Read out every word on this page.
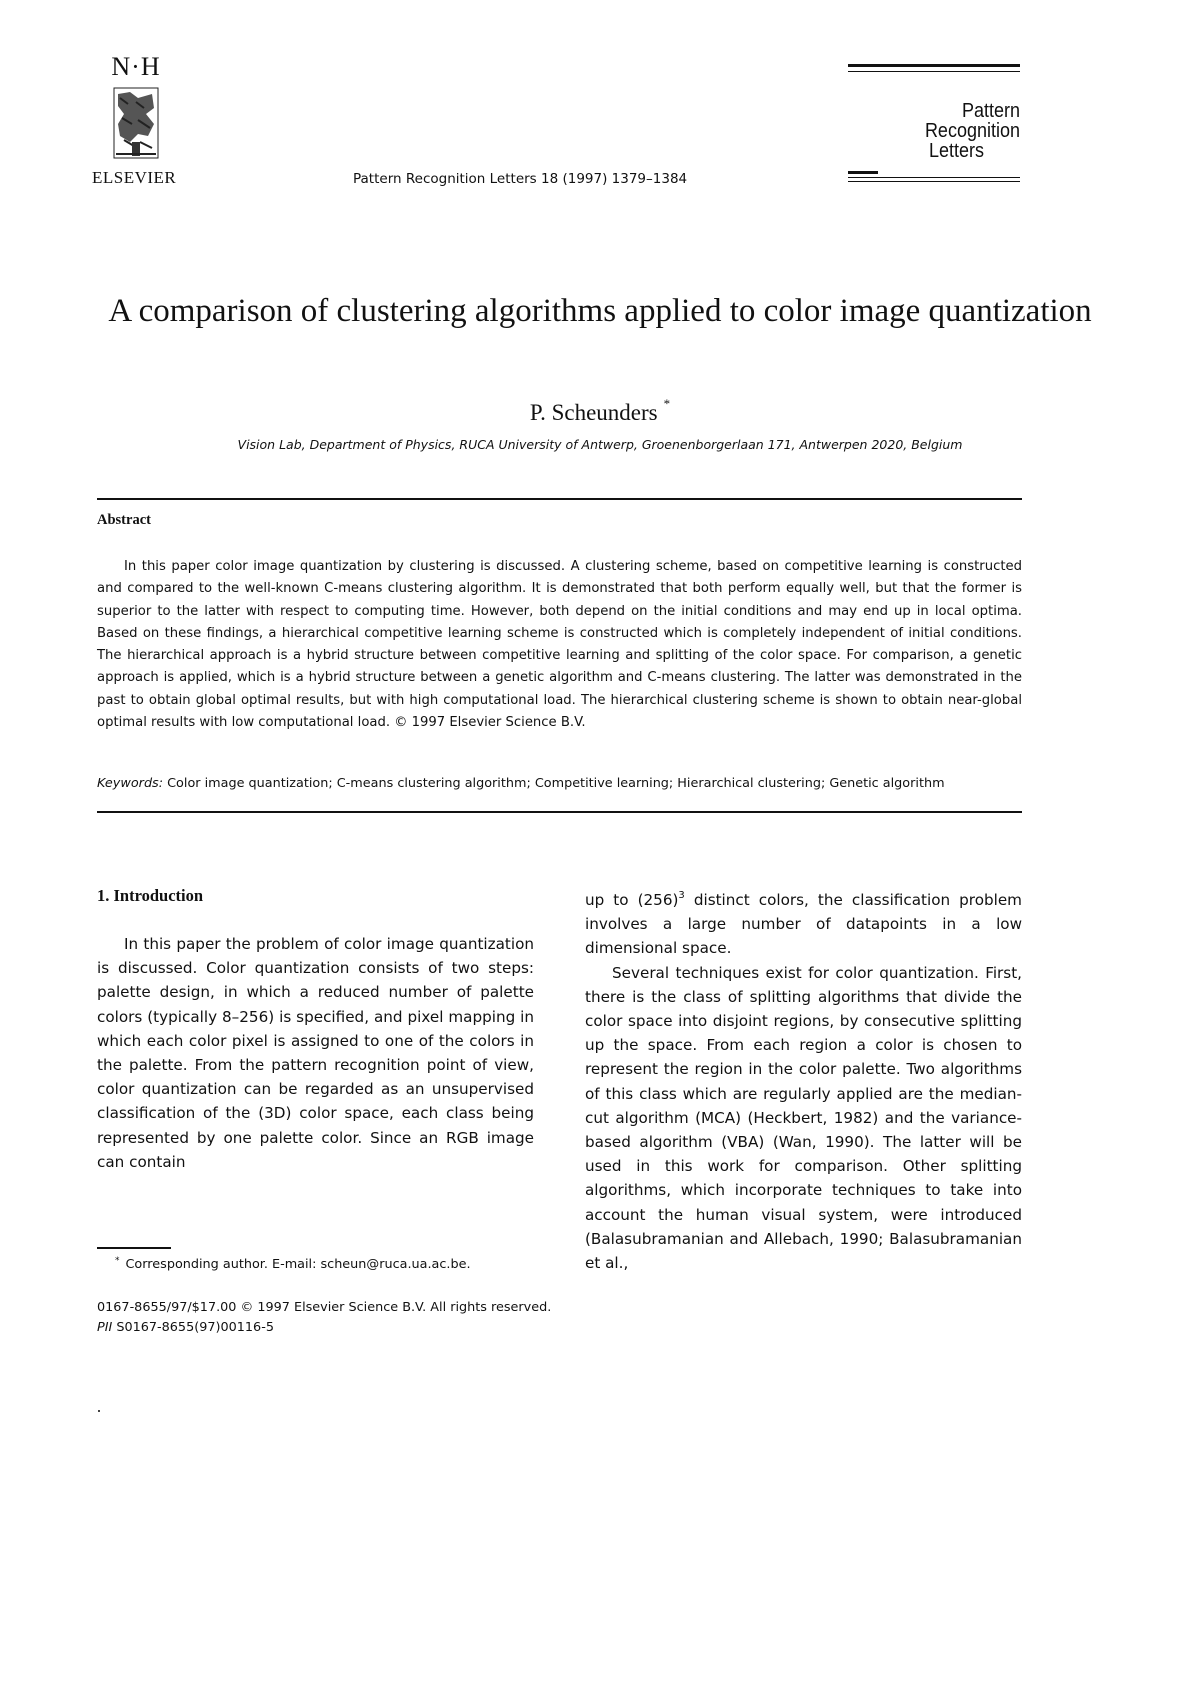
N·H
ELSEVIER	Pattern Recognition Letters 18 (1997) 1379–1384
Pattern Recognition
Letters
A comparison of clustering algorithms applied to color image quantization
P. Scheunders *
Vision Lab, Department of Physics, RUCA University of Antwerp, Groenenborgerlaan 171, Antwerpen 2020, Belgium
Abstract
In this paper color image quantization by clustering is discussed. A clustering scheme, based on competitive learning is constructed and compared to the well-known C-means clustering algorithm. It is demonstrated that both perform equally well, but that the former is superior to the latter with respect to computing time. However, both depend on the initial conditions and may end up in local optima. Based on these findings, a hierarchical competitive learning scheme is constructed which is completely independent of initial conditions. The hierarchical approach is a hybrid structure between competitive learning and splitting of the color space. For comparison, a genetic approach is applied, which is a hybrid structure between a genetic algorithm and C-means clustering. The latter was demonstrated in the past to obtain global optimal results, but with high computational load. The hierarchical clustering scheme is shown to obtain near-global optimal results with low computational load. © 1997 Elsevier Science B.V.
Keywords: Color image quantization; C-means clustering algorithm; Competitive learning; Hierarchical clustering; Genetic algorithm
1. Introduction

In this paper the problem of color image quantization is discussed. Color quantization consists of two steps: palette design, in which a reduced number of palette colors (typically 8–256) is specified, and pixel mapping in which each color pixel is assigned to one of the colors in the palette. From the pattern recognition point of view, color quantization can be regarded as an unsupervised classification of the (3D) color space, each class being represented by one palette color. Since an RGB image can contain

up to $(256)^3$ distinct colors, the classification problem involves a large number of datapoints in a low dimensional space.

Several techniques exist for color quantization. First, there is the class of splitting algorithms that divide the color space into disjoint regions, by consecutive splitting up the space. From each region a color is chosen to represent the region in the color palette. Two algorithms of this class which are regularly applied are the median-cut algorithm (MCA) (Heckbert, 1982) and the variance-based algorithm (VBA) (Wan, 1990). The latter will be used in this work for comparison. Other splitting algorithms, which incorporate techniques to take into account the human visual system, were introduced (Balasubramanian and Allebach, 1990; Balasubramanian et al.,

* Corresponding author. E-mail: scheun@ruca.ua.ac.be.
0167-8655/97/$17.00 © 1997 Elsevier Science B.V. All rights reserved.
PII S0167-8655(97)00116-5
